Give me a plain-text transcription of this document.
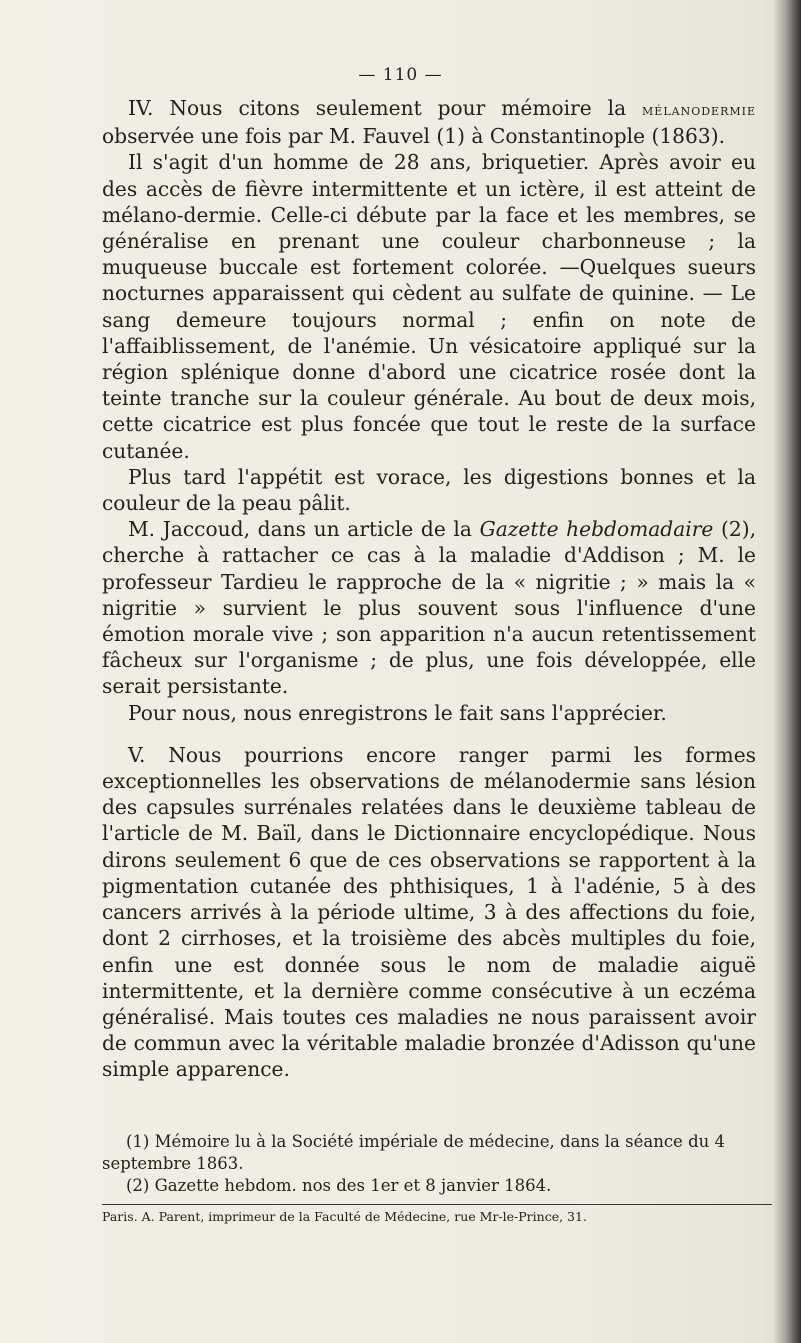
— 110 —

IV. Nous citons seulement pour mémoire la mélanodermie observée une fois par M. Fauvel (1) à Constantinople (1863).

Il s'agit d'un homme de 28 ans, briquetier. Après avoir eu des accès de fièvre intermittente et un ictère, il est atteint de mélano-dermie. Celle-ci débute par la face et les membres, se généralise en prenant une couleur charbonneuse ; la muqueuse buccale est fortement colorée. —Quelques sueurs nocturnes apparaissent qui cèdent au sulfate de quinine. — Le sang demeure toujours normal ; enfin on note de l'affaiblissement, de l'anémie. Un vésicatoire appliqué sur la région splénique donne d'abord une cicatrice rosée dont la teinte tranche sur la couleur générale. Au bout de deux mois, cette cicatrice est plus foncée que tout le reste de la surface cutanée.

Plus tard l'appétit est vorace, les digestions bonnes et la couleur de la peau pâlit.

M. Jaccoud, dans un article de la Gazette hebdomadaire (2), cherche à rattacher ce cas à la maladie d'Addison ; M. le professeur Tardieu le rapproche de la « nigritie ; » mais la « nigritie » survient le plus souvent sous l'influence d'une émotion morale vive ; son apparition n'a aucun retentissement fâcheux sur l'organisme ; de plus, une fois développée, elle serait persistante.

Pour nous, nous enregistrons le fait sans l'apprécier.

V. Nous pourrions encore ranger parmi les formes exceptionnelles les observations de mélanodermie sans lésion des capsules surrénales relatées dans le deuxième tableau de l'article de M. Baïl, dans le Dictionnaire encyclopédique. Nous dirons seulement 6 que de ces observations se rapportent à la pigmentation cutanée des phthisiques, 1 à l'adénie, 5 à des cancers arrivés à la période ultime, 3 à des affections du foie, dont 2 cirrhoses, et la troisième des abcès multiples du foie, enfin une est donnée sous le nom de maladie aiguë intermittente, et la dernière comme consécutive à un eczéma généralisé. Mais toutes ces maladies ne nous paraissent avoir de commun avec la véritable maladie bronzée d'Adisson qu'une simple apparence.

(1) Mémoire lu à la Société impériale de médecine, dans la séance du 4 septembre 1863.

(2) Gazette hebdom. nos des 1er et 8 janvier 1864.

Paris. A. Parent, imprimeur de la Faculté de Médecine, rue Mr-le-Prince, 31.
